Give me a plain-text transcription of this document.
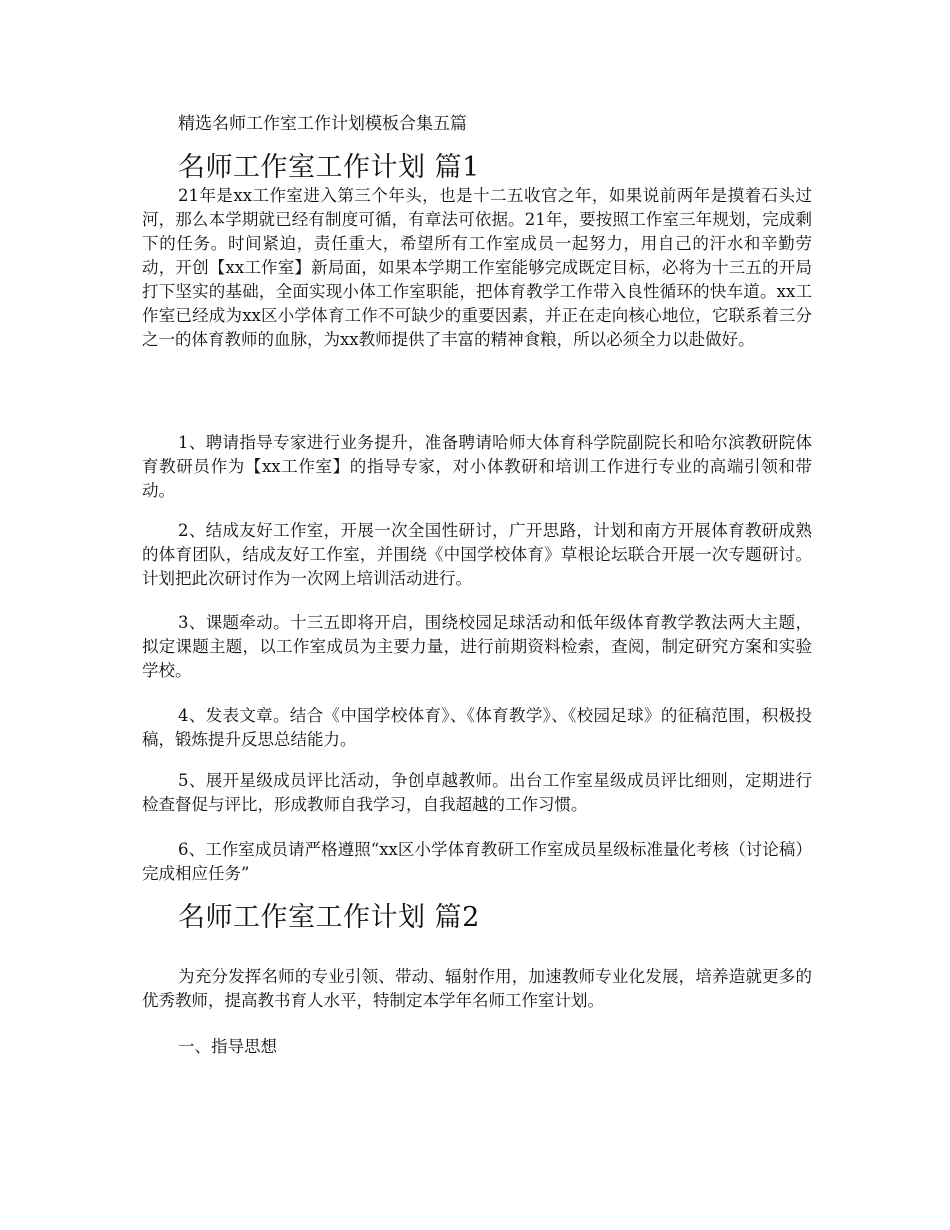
精选名师工作室工作计划模板合集五篇
名师工作室工作计划 篇1

21年是xx工作室进入第三个年头，也是十二五收官之年，如果说前两年是摸着石头过河，那么本学期就已经有制度可循，有章法可依据。21年，要按照工作室三年规划，完成剩下的任务。时间紧迫，责任重大，希望所有工作室成员一起努力，用自己的汗水和辛勤劳动，开创【xx工作室】新局面，如果本学期工作室能够完成既定目标，必将为十三五的开局打下坚实的基础，全面实现小体工作室职能，把体育教学工作带入良性循环的快车道。xx工作室已经成为xx区小学体育工作不可缺少的重要因素，并正在走向核心地位，它联系着三分之一的体育教师的血脉，为xx教师提供了丰富的精神食粮，所以必须全力以赴做好。

1、聘请指导专家进行业务提升，准备聘请哈师大体育科学院副院长和哈尔滨教研院体育教研员作为【xx工作室】的指导专家，对小体教研和培训工作进行专业的高端引领和带动。

2、结成友好工作室，开展一次全国性研讨，广开思路，计划和南方开展体育教研成熟的体育团队，结成友好工作室，并围绕《中国学校体育》草根论坛联合开展一次专题研讨。计划把此次研讨作为一次网上培训活动进行。

3、课题牵动。十三五即将开启，围绕校园足球活动和低年级体育教学教法两大主题，拟定课题主题，以工作室成员为主要力量，进行前期资料检索，查阅，制定研究方案和实验学校。

4、发表文章。结合《中国学校体育》、《体育教学》、《校园足球》的征稿范围，积极投稿，锻炼提升反思总结能力。

5、展开星级成员评比活动，争创卓越教师。出台工作室星级成员评比细则，定期进行检查督促与评比，形成教师自我学习，自我超越的工作习惯。

6、工作室成员请严格遵照“xx区小学体育教研工作室成员星级标准量化考核（讨论稿）完成相应任务”

名师工作室工作计划 篇2

为充分发挥名师的专业引领、带动、辐射作用，加速教师专业化发展，培养造就更多的优秀教师，提高教书育人水平，特制定本学年名师工作室计划。

一、指导思想
